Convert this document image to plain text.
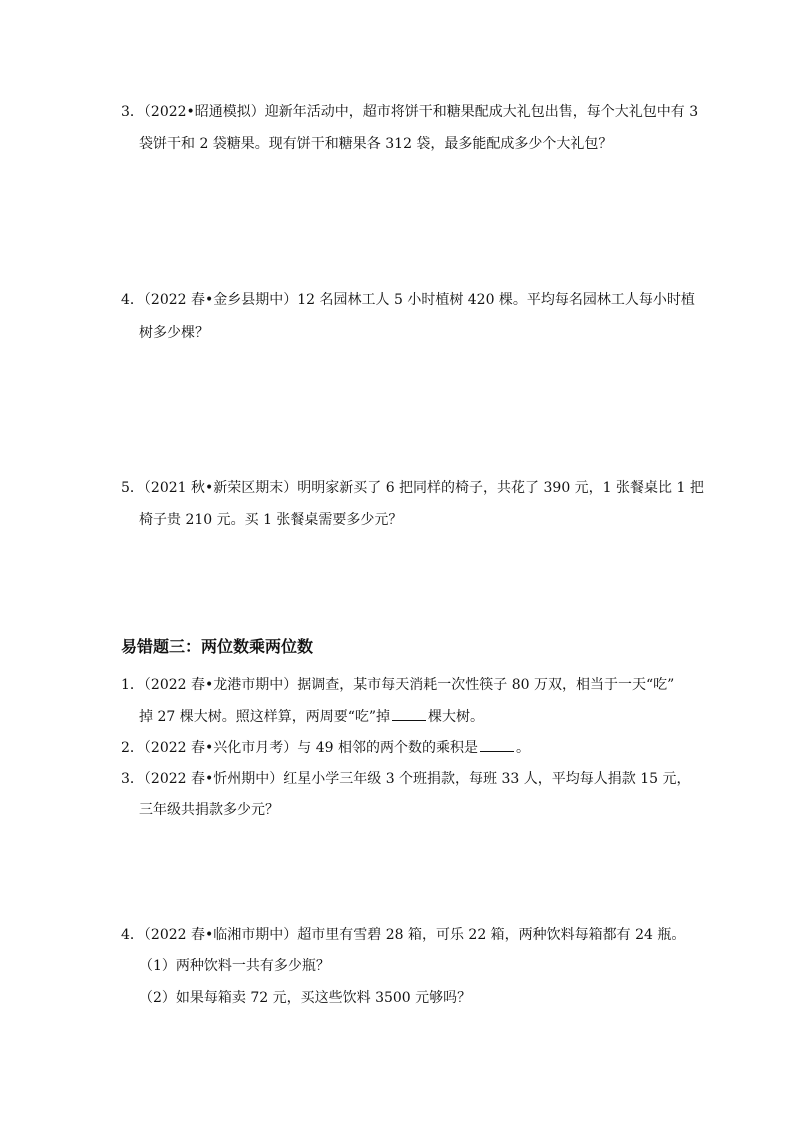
3．（2022•昭通模拟）迎新年活动中，超市将饼干和糖果配成大礼包出售，每个大礼包中有 3
袋饼干和 2 袋糖果。现有饼干和糖果各 312 袋，最多能配成多少个大礼包？
4．（2022 春•金乡县期中）12 名园林工人 5 小时植树 420 棵。平均每名园林工人每小时植
树多少棵？
5．（2021 秋•新荣区期末）明明家新买了 6 把同样的椅子，共花了 390 元，1 张餐桌比 1 把
椅子贵 210 元。买 1 张餐桌需要多少元？
易错题三：两位数乘两位数
1．（2022 春•龙港市期中）据调查，某市每天消耗一次性筷子 80 万双，相当于一天“吃”
掉 27 棵大树。照这样算，两周要“吃”掉	棵大树。
2．（2022 春•兴化市月考）与 49 相邻的两个数的乘积是	。
3．（2022 春•忻州期中）红星小学三年级 3 个班捐款，每班 33 人，平均每人捐款 15 元，
三年级共捐款多少元？
4．（2022 春•临湘市期中）超市里有雪碧 28 箱，可乐 22 箱，两种饮料每箱都有 24 瓶。
（1）两种饮料一共有多少瓶？
（2）如果每箱卖 72 元，买这些饮料 3500 元够吗？
